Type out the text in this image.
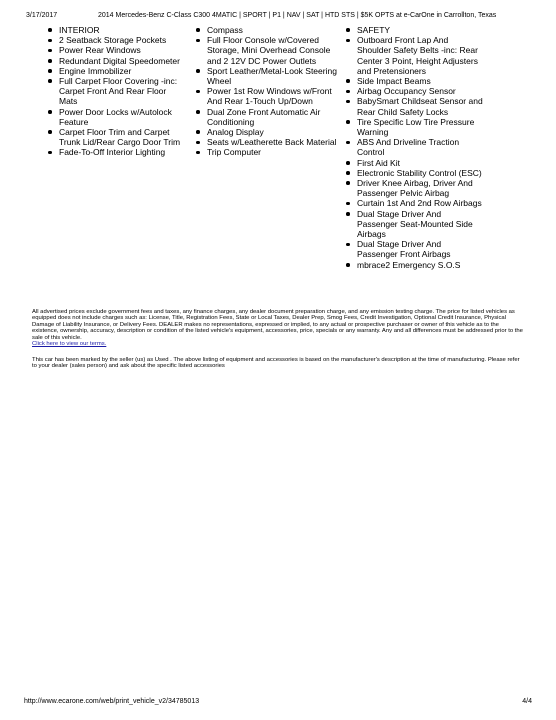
3/17/2017	2014 Mercedes-Benz C-Class C300 4MATIC | SPORT | P1 | NAV | SAT | HTD STS | $5K OPTS at e-CarOne in Carrollton, Texas
INTERIOR
2 Seatback Storage Pockets
Power Rear Windows
Redundant Digital Speedometer
Engine Immobilizer
Full Carpet Floor Covering -inc: Carpet Front And Rear Floor Mats
Power Door Locks w/Autolock Feature
Carpet Floor Trim and Carpet Trunk Lid/Rear Cargo Door Trim
Fade-To-Off Interior Lighting
Compass
Full Floor Console w/Covered Storage, Mini Overhead Console and 2 12V DC Power Outlets
Sport Leather/Metal-Look Steering Wheel
Power 1st Row Windows w/Front And Rear 1-Touch Up/Down
Dual Zone Front Automatic Air Conditioning
Analog Display
Seats w/Leatherette Back Material
Trip Computer
SAFETY
Outboard Front Lap And Shoulder Safety Belts -inc: Rear Center 3 Point, Height Adjusters and Pretensioners
Side Impact Beams
Airbag Occupancy Sensor
BabySmart Childseat Sensor and Rear Child Safety Locks
Tire Specific Low Tire Pressure Warning
ABS And Driveline Traction Control
First Aid Kit
Electronic Stability Control (ESC)
Driver Knee Airbag, Driver And Passenger Pelvic Airbag
Curtain 1st And 2nd Row Airbags
Dual Stage Driver And Passenger Seat-Mounted Side Airbags
Dual Stage Driver And Passenger Front Airbags
mbrace2 Emergency S.O.S
All advertised prices exclude government fees and taxes, any finance charges, any dealer document preparation charge, and any emission testing charge. The price for listed vehicles as equipped does not include charges such as: License, Title, Registration Fees, State or Local Taxes, Dealer Prep, Smog Fees, Credit Investigation, Optional Credit Insurance, Physical Damage of Liability Insurance, or Delivery Fees. DEALER makes no representations, expressed or implied, to any actual or prospective purchaser or owner of this vehicle as to the existence, ownership, accuracy, description or condition of the listed vehicle's equipment, accessories, price, specials or any warranty. Any and all differences must be addressed prior to the sale of this vehicle.
Click here to view our terms.
This car has been marked by the seller (us) as Used . The above listing of equipment and accessories is based on the manufacturer's description at the time of manufacturing. Please refer to your dealer (sales person) and ask about the specific listed accessories
http://www.ecarone.com/web/print_vehicle_v2/34785013	4/4
